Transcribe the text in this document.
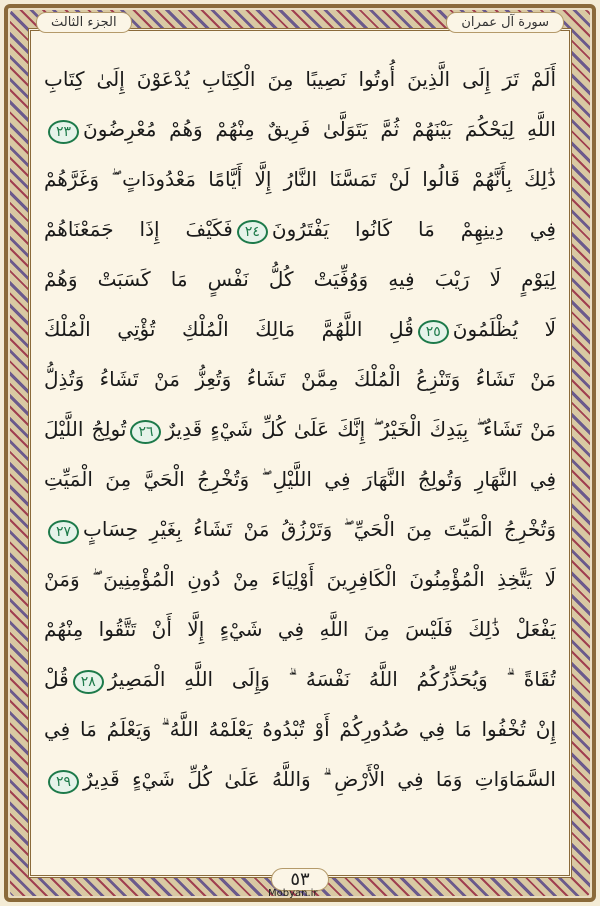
الجزء الثالث	سورة آل عمران
أَلَمْ تَرَ إِلَى الَّذِينَ أُوتُوا نَصِيبًا مِنَ الْكِتَابِ يُدْعَوْنَ إِلَىٰ كِتَابِ
اللَّهِ لِيَحْكُمَ بَيْنَهُمْ ثُمَّ يَتَوَلَّىٰ فَرِيقٌ مِنْهُمْ وَهُمْ مُعْرِضُونَ٢٣
ذَٰلِكَ بِأَنَّهُمْ قَالُوا لَنْ تَمَسَّنَا النَّارُ إِلَّا أَيَّامًا مَعْدُودَاتٍ ۖ وَغَرَّهُمْ
فِي دِينِهِمْ مَا كَانُوا يَفْتَرُونَ٢٤فَكَيْفَ إِذَا جَمَعْنَاهُمْ
لِيَوْمٍ لَا رَيْبَ فِيهِ وَوُفِّيَتْ كُلُّ نَفْسٍ مَا كَسَبَتْ وَهُمْ
لَا يُظْلَمُونَ٢٥قُلِ اللَّهُمَّ مَالِكَ الْمُلْكِ تُؤْتِي الْمُلْكَ
مَنْ تَشَاءُ وَتَنْزِعُ الْمُلْكَ مِمَّنْ تَشَاءُ وَتُعِزُّ مَنْ تَشَاءُ وَتُذِلُّ
مَنْ تَشَاءُ ۖ بِيَدِكَ الْخَيْرُ ۖ إِنَّكَ عَلَىٰ كُلِّ شَيْءٍ قَدِيرٌ٢٦تُولِجُ اللَّيْلَ
فِي النَّهَارِ وَتُولِجُ النَّهَارَ فِي اللَّيْلِ ۖ وَتُخْرِجُ الْحَيَّ مِنَ الْمَيِّتِ
وَتُخْرِجُ الْمَيِّتَ مِنَ الْحَيِّ ۖ وَتَرْزُقُ مَنْ تَشَاءُ بِغَيْرِ حِسَابٍ٢٧
لَا يَتَّخِذِ الْمُؤْمِنُونَ الْكَافِرِينَ أَوْلِيَاءَ مِنْ دُونِ الْمُؤْمِنِينَ ۖ وَمَنْ
يَفْعَلْ ذَٰلِكَ فَلَيْسَ مِنَ اللَّهِ فِي شَيْءٍ إِلَّا أَنْ تَتَّقُوا مِنْهُمْ
تُقَاةً ۗ وَيُحَذِّرُكُمُ اللَّهُ نَفْسَهُ ۗ وَإِلَى اللَّهِ الْمَصِيرُ٢٨قُلْ
إِنْ تُخْفُوا مَا فِي صُدُورِكُمْ أَوْ تُبْدُوهُ يَعْلَمْهُ اللَّهُ ۗ وَيَعْلَمُ مَا فِي
السَّمَاوَاتِ وَمَا فِي الْأَرْضِ ۗ وَاللَّهُ عَلَىٰ كُلِّ شَيْءٍ قَدِيرٌ٢٩
٥٣
Mobyan.ir
